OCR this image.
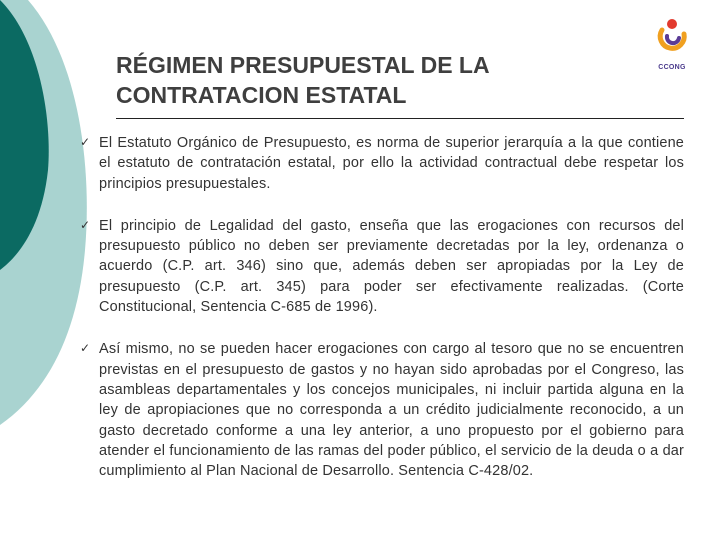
CCONG
RÉGIMEN PRESUPUESTAL DE LA
CONTRATACION ESTATAL
✓ El Estatuto Orgánico de Presupuesto, es norma de superior jerarquía a la que contiene el estatuto de contratación estatal, por ello la actividad contractual debe respetar los principios presupuestales.
✓ El principio de Legalidad del gasto, enseña que las erogaciones con recursos del presupuesto público no deben ser previamente decretadas por la ley, ordenanza o acuerdo (C.P. art. 346) sino que, además deben ser apropiadas por la Ley de presupuesto (C.P. art. 345) para poder ser efectivamente realizadas. (Corte Constitucional, Sentencia C-685 de 1996).
✓ Así mismo, no se pueden hacer erogaciones con cargo al tesoro que no se encuentren previstas en el presupuesto de gastos y no hayan sido aprobadas por el Congreso, las asambleas departamentales y los concejos municipales, ni incluir partida alguna en la ley de apropiaciones que no corresponda a un crédito judicialmente reconocido, a un gasto decretado conforme a una ley anterior, a uno propuesto por el gobierno para atender el funcionamiento de las ramas del poder público, el servicio de la deuda o a dar cumplimiento al Plan Nacional de Desarrollo. Sentencia C-428/02.
